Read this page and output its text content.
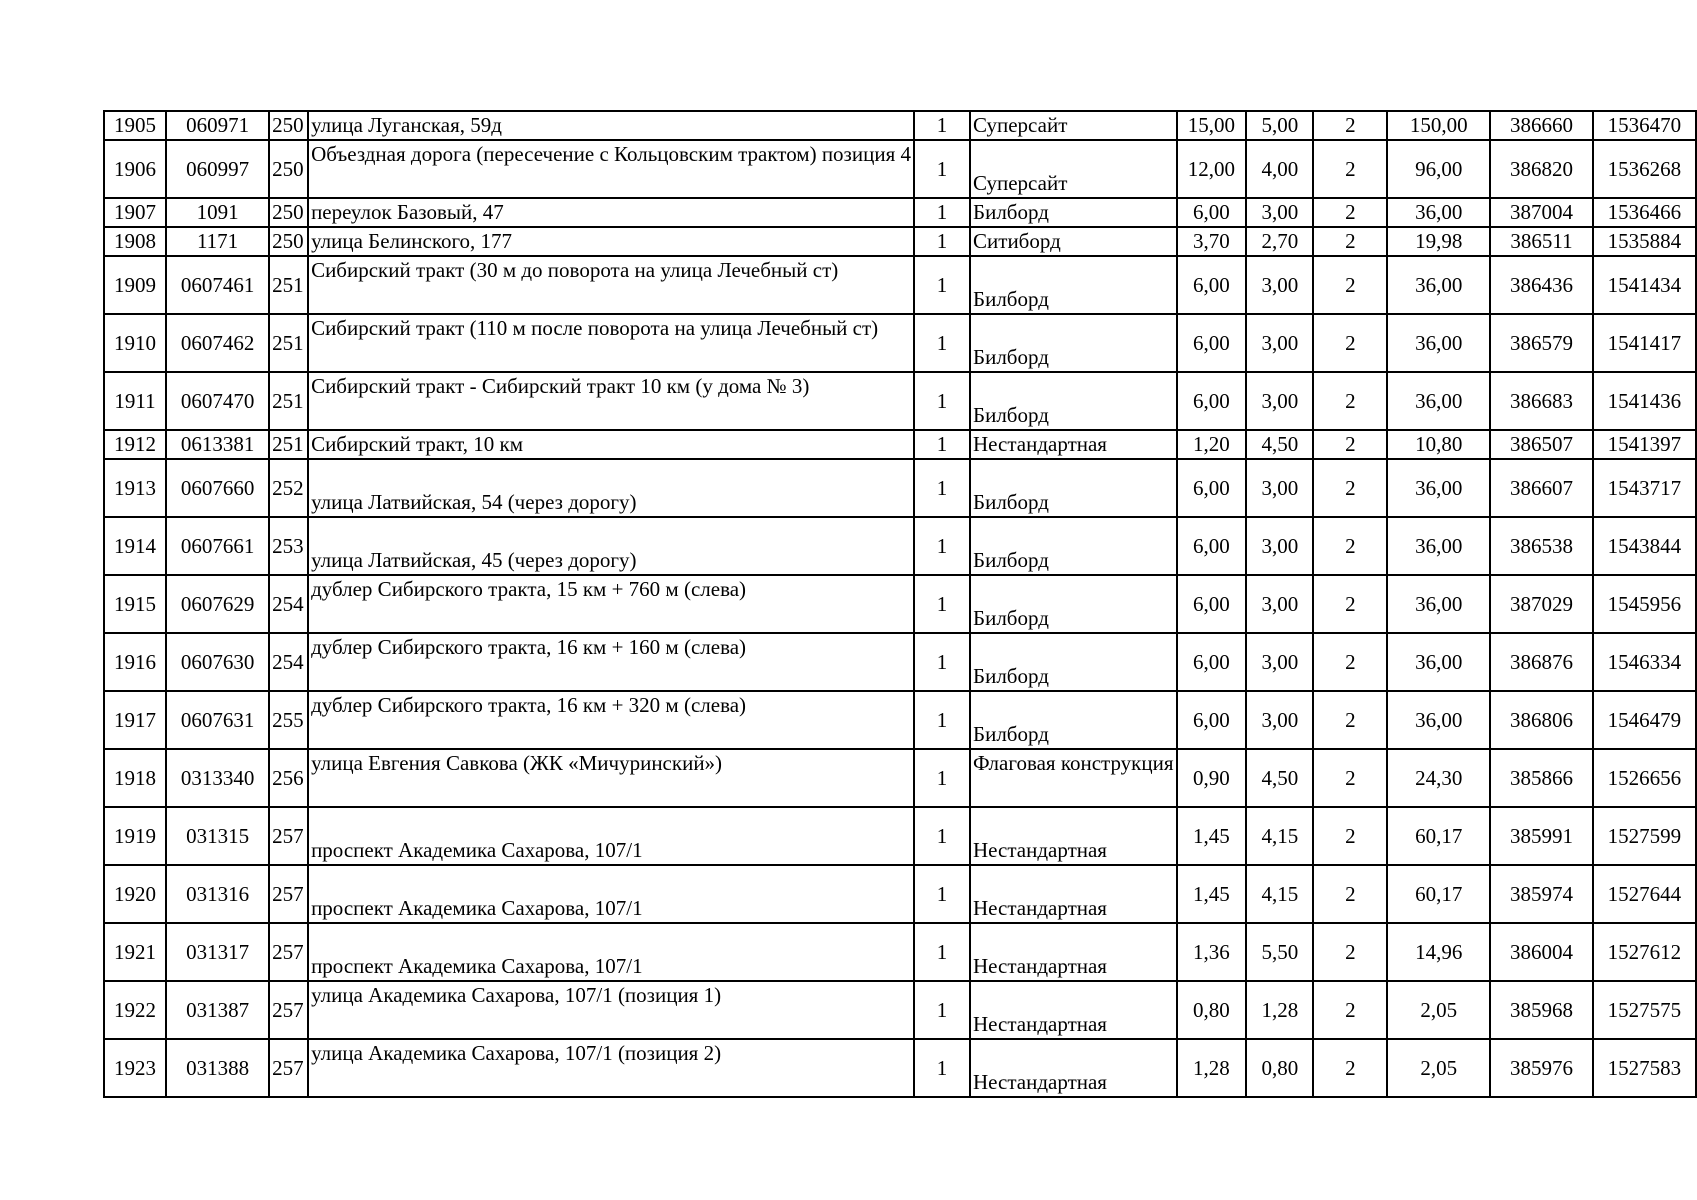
1905	060971	250	улица Луганская, 59д	1	Суперсайт	15,00	5,00	2	150,00	386660	1536470
1906	060997	250	Объездная дорога (пересечение с Кольцовским трактом) позиция 4	1	Суперсайт	12,00	4,00	2	96,00	386820	1536268
1907	1091	250	переулок Базовый, 47	1	Билборд	6,00	3,00	2	36,00	387004	1536466
1908	1171	250	улица Белинского, 177	1	Ситиборд	3,70	2,70	2	19,98	386511	1535884
1909	0607461	251	Сибирский тракт (30 м до поворота на улица Лечебный ст)	1	Билборд	6,00	3,00	2	36,00	386436	1541434
1910	0607462	251	Сибирский тракт (110 м после поворота на улица Лечебный ст)	1	Билборд	6,00	3,00	2	36,00	386579	1541417
1911	0607470	251	Сибирский тракт - Сибирский тракт 10 км (у дома № 3)	1	Билборд	6,00	3,00	2	36,00	386683	1541436
1912	0613381	251	Сибирский тракт, 10 км	1	Нестандартная	1,20	4,50	2	10,80	386507	1541397
1913	0607660	252	улица Латвийская, 54 (через дорогу)	1	Билборд	6,00	3,00	2	36,00	386607	1543717
1914	0607661	253	улица Латвийская, 45 (через дорогу)	1	Билборд	6,00	3,00	2	36,00	386538	1543844
1915	0607629	254	дублер Сибирского тракта, 15 км + 760 м (слева)	1	Билборд	6,00	3,00	2	36,00	387029	1545956
1916	0607630	254	дублер Сибирского тракта, 16 км + 160 м (слева)	1	Билборд	6,00	3,00	2	36,00	386876	1546334
1917	0607631	255	дублер Сибирского тракта, 16 км + 320 м (слева)	1	Билборд	6,00	3,00	2	36,00	386806	1546479
1918	0313340	256	улица Евгения Савкова (ЖК «Мичуринский»)	1	Флаговая конструкция	0,90	4,50	2	24,30	385866	1526656
1919	031315	257	проспект Академика Сахарова, 107/1	1	Нестандартная	1,45	4,15	2	60,17	385991	1527599
1920	031316	257	проспект Академика Сахарова, 107/1	1	Нестандартная	1,45	4,15	2	60,17	385974	1527644
1921	031317	257	проспект Академика Сахарова, 107/1	1	Нестандартная	1,36	5,50	2	14,96	386004	1527612
1922	031387	257	улица Академика Сахарова, 107/1 (позиция 1)	1	Нестандартная	0,80	1,28	2	2,05	385968	1527575
1923	031388	257	улица Академика Сахарова, 107/1 (позиция 2)	1	Нестандартная	1,28	0,80	2	2,05	385976	1527583
